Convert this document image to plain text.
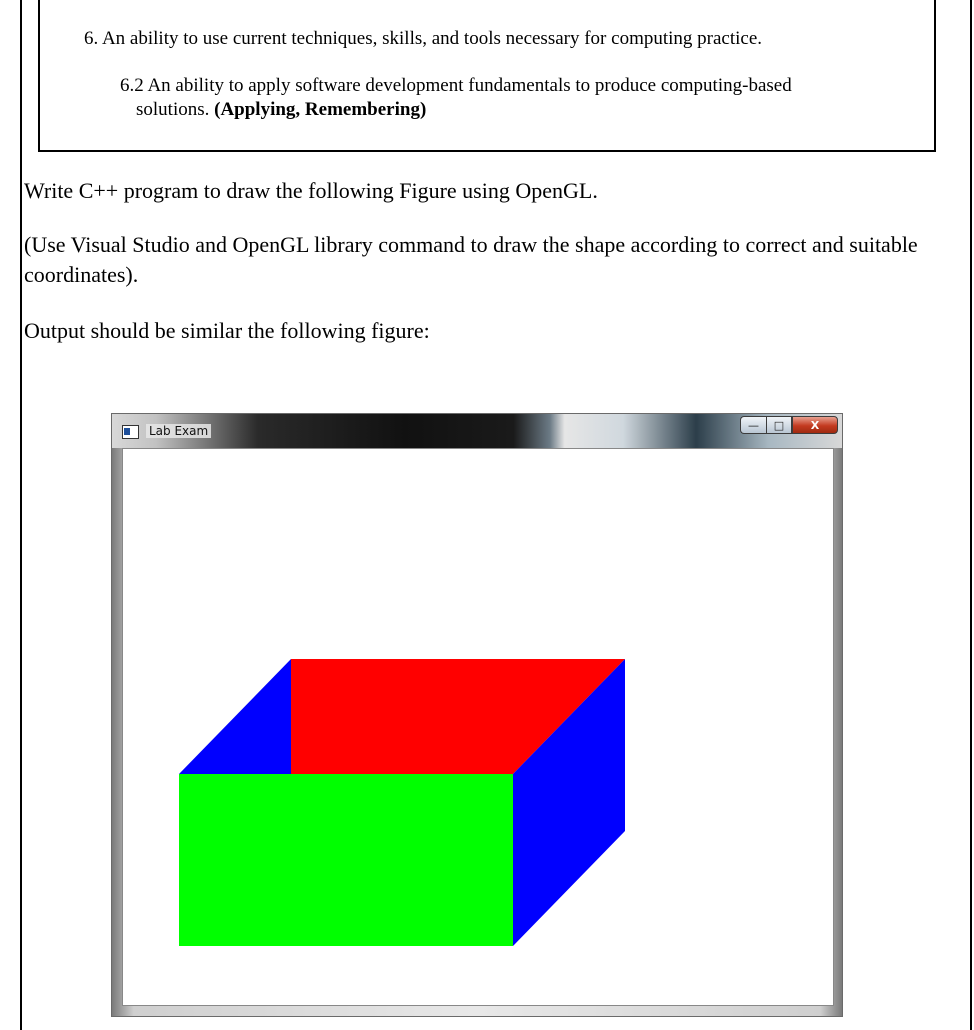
6. An ability to use current techniques, skills, and tools necessary for computing practice.
6.2 An ability to apply software development fundamentals to produce computing-based
solutions. (Applying, Remembering)
Write C++ program to draw the following Figure using OpenGL.
(Use Visual Studio and OpenGL library command to draw the shape according to correct and suitable coordinates).
Output should be similar the following figure:
Lab Exam	—	□	X
